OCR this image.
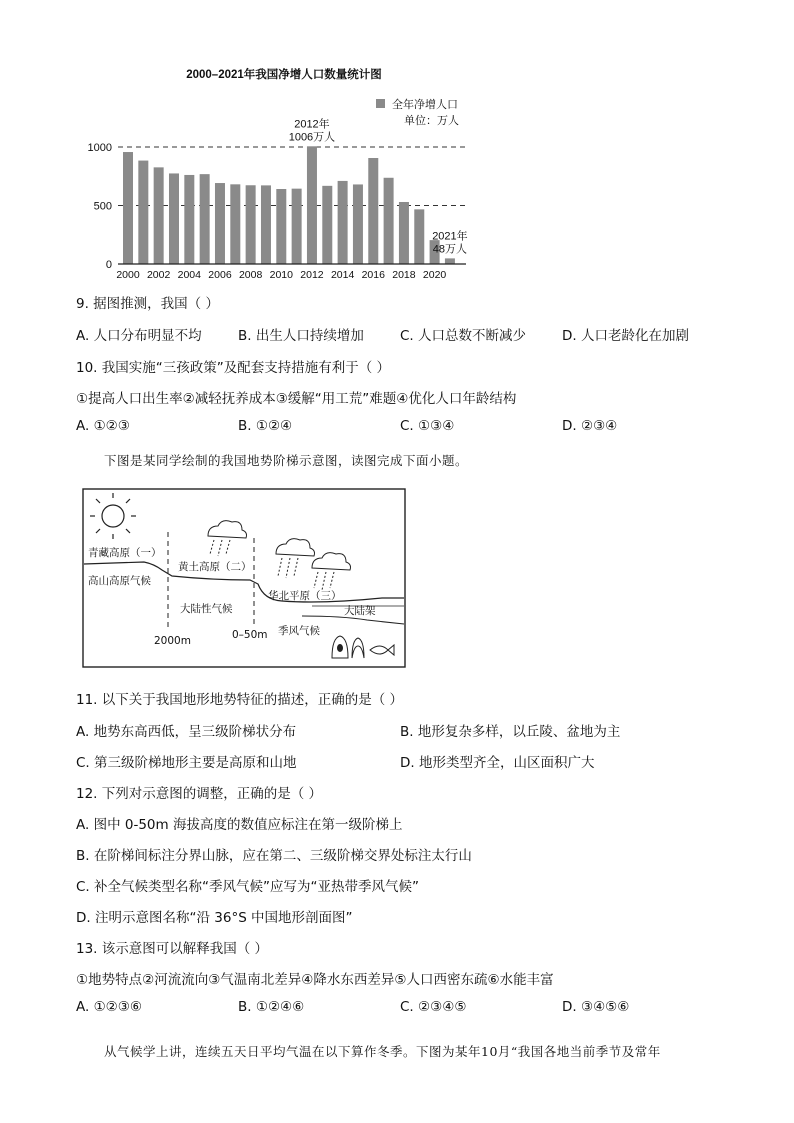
2000–2021年我国净增人口数量统计图
全年净增人口
单位：万人
0
500
1000
2000 2002 2004 2006 2008 2010 2012 2014 2016 2018 2020
2012年
1006万人
2021年
48万人
9. 据图推测，我国（ ）
A. 人口分布明显不均	B. 出生人口持续增加	C. 人口总数不断减少	D. 人口老龄化在加剧
10. 我国实施“三孩政策”及配套支持措施有利于（ ）
①提高人口出生率②减轻抚养成本③缓解“用工荒”难题④优化人口年龄结构
A. ①②③	B. ①②④	C. ①③④	D. ②③④
下图是某同学绘制的我国地势阶梯示意图，读图完成下面小题。
青藏高原（一）
高山高原气候
黄土高原（二）
大陆性气候
华北平原（三）
大陆架
季风气候
2000m	0–50m
11. 以下关于我国地形地势特征的描述，正确的是（ ）
A. 地势东高西低，呈三级阶梯状分布	B. 地形复杂多样，以丘陵、盆地为主
C. 第三级阶梯地形主要是高原和山地	D. 地形类型齐全，山区面积广大
12. 下列对示意图的调整，正确的是（ ）
A. 图中 0-50m 海拔高度的数值应标注在第一级阶梯上
B. 在阶梯间标注分界山脉，应在第二、三级阶梯交界处标注太行山
C. 补全气候类型名称“季风气候”应写为“亚热带季风气候”
D. 注明示意图名称“沿 36°S 中国地形剖面图”
13. 该示意图可以解释我国（ ）
①地势特点②河流流向③气温南北差异④降水东西差异⑤人口西密东疏⑥水能丰富
A. ①②③⑥	B. ①②④⑥	C. ②③④⑤	D. ③④⑤⑥
从气候学上讲，连续五天日平均气温在以下算作冬季。下图为某年10月“我国各地当前季节及常年
